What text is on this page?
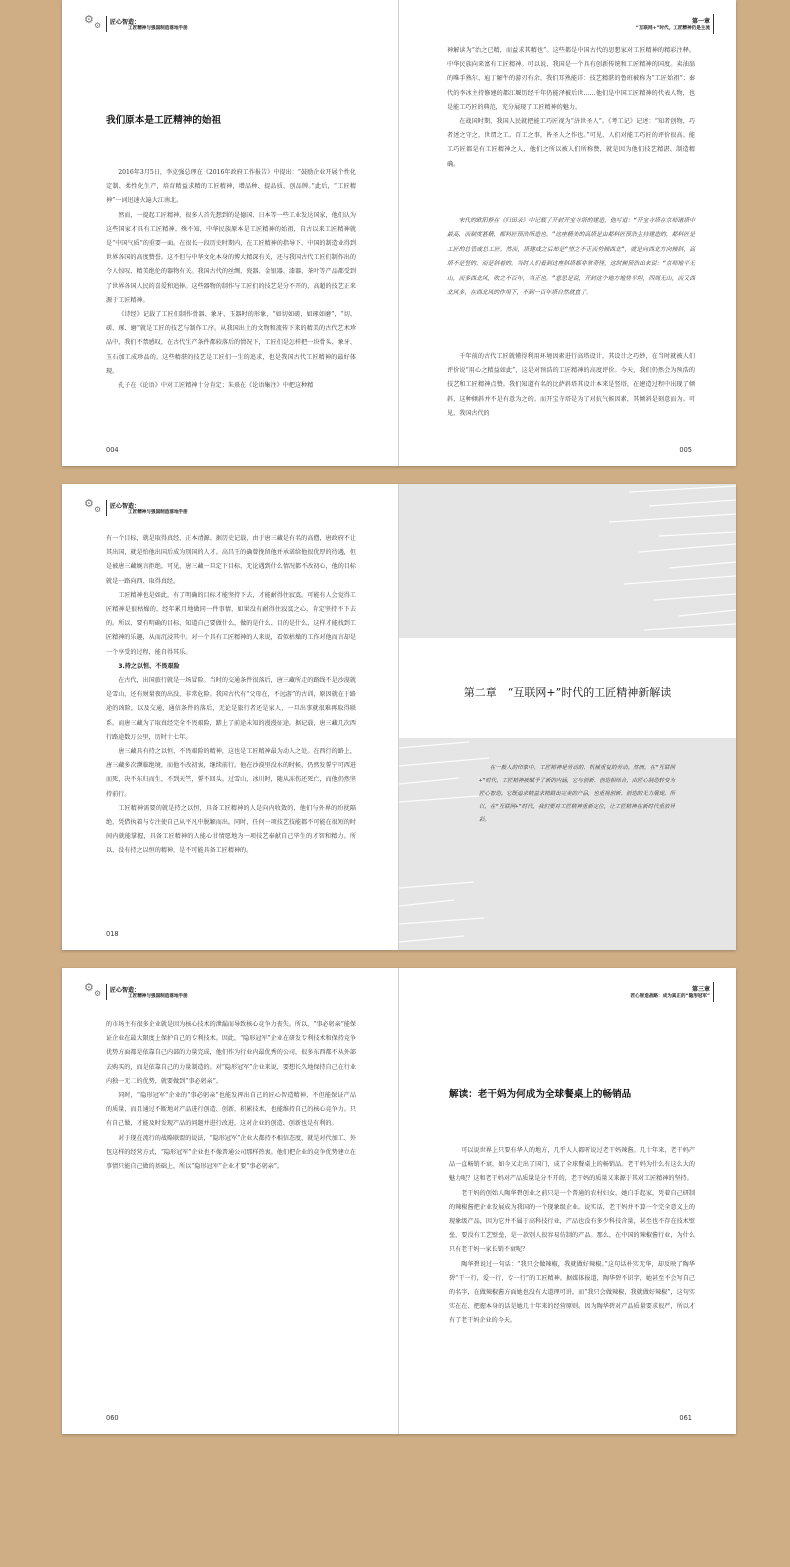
⚙ ⚙ 匠心智造：
工匠精神与强国制造落地手册
我们原本是工匠精神的始祖

2016年3月5日，李克强总理在《2016年政府工作报告》中提出：“鼓励企业开展个性化定制、柔性化生产，培育精益求精的工匠精神，增品种、提品质、创品牌。”此后，“工匠精神”一词迅速火遍大江南北。

然而，一提起工匠精神，很多人首先想到的是德国、日本等一些工业发达国家，他们认为这些国家才具有工匠精神。殊不知，中华民族原本是工匠精神的始祖，自古以来工匠精神就是“中国气质”的重要一面。在很长一段历史时期内，在工匠精神的指导下，中国的制造业得到世界各国的高度赞誉。这不但与中华文化本身的博大精深有关，还与我国古代工匠们制作出的令人惊叹、精美绝伦的器物有关。我国古代的丝绸、瓷器、金银器、漆器、茶叶等产品都受到了世界各国人民的喜爱和追捧。这些器物的制作与工匠们的技艺是分不开的，高超的技艺正来源于工匠精神。

《诗经》记载了工匠们制作骨器、象牙、玉器时的形象，“如切如磋，如琢如磨”，“切、磋、琢、磨”就是工匠的技艺与制作工序。从我国出土的文物和流传下来的精美的古代艺术珍品中，我们不禁感叹，在古代生产条件都较落后的情况下，工匠们是怎样把一块骨头、象牙、玉石加工成珍品的。这些精湛的技艺是工匠们一生的追求，也是我国古代工匠精神的最好体现。

孔子在《论语》中对工匠精神十分肯定；朱熹在《论语集注》中把这种精

004
第一章
“互联网+”时代，工匠精神仍是主流

神解读为“治之已精，而益求其精也”。这些都是中国古代的思想家对工匠精神的精彩注释。中华民族向来富有工匠精神。可以说，我国是一个具有创新传统和工匠精神的国度。卖油翁的唯手熟尔、庖丁解牛的游刃有余，我们耳熟能详：技艺精湛的鲁班被称为“工匠始祖”；秦代的李冰主持修建的都江堰历经千年仍能泽被后世……他们是中国工匠精神的代表人物，也是能工巧匠的典范，充分展现了工匠精神的魅力。

在战国时期，我国人民就把能工巧匠视为“济世圣人”。《考工记》记述：“知者创物，巧者述之守之，世谓之工。百工之事，皆圣人之作也。”可见，人们对能工巧匠的评价很高。能工巧匠都是有工匠精神之人，他们之所以被人们所称赞，就是因为他们技艺精湛、制造精确。

宋代的欧阳修在《归田录》中记载了开封开宝寺塔的建造，他写道：“开宝寺塔在京师诸塔中最高，而制度甚精，都料匠预浩所造也。”这座精美的高塔是由都料匠预浩主持建造的，都料匠是工匠的总管或总工匠。然而，塔建成之后却是“望之不正而势倾西北”，就是向西北方向倾斜，高塔不是竖的，而是斜着的。当时人们看到这座斜塔都非常奇怪，这时候预浩出来说：“京师地平无山，而多西北风，吹之不百年，当正也。”意思是说，开封这个地方地势平坦，四周无山，而又西北风多，在西北风的作用下，不到一百年塔自然就直了。

千年前的古代工匠就懂得利用环境因素进行高塔设计，其设计之巧妙，在当时就被人们评价说“用心之精益如此”，这是对预浩的工匠精神的高度评价。今天，我们仍然会为预浩的技艺和工匠精神点赞。我们知道有名的比萨斜塔其设计本来是竖塔，在建造过程中出现了倾斜，这种倾斜并不是有意为之的。而开宝寺塔是为了对抗气候因素，其倾斜是刻意而为。可见，我国古代的

005
⚙ ⚙ 匠心智造：
工匠精神与强国制造落地手册

有一个目标，就是取得真经、正本清源。据历史记载，由于唐三藏是有名的高僧，唐政府不让其出国，就是怕他出国后成为别国的人才。高昌王的确曾挽留他并承诺给他很优厚的待遇，但是被唐三藏婉言拒绝。可见，唐三藏一旦定下目标，无论遇到什么情况都不改初心，他的目标就是一路向西、取得真经。

工匠精神也是如此，有了明确的目标才能坚持下去，才能耐得住寂寞。可能有人会觉得工匠精神是很枯燥的，经年累月地做同一件事情，如果没有耐得住寂寞之心，肯定坚持不下去的。所以，要有明确的目标，知道自己要做什么、做的是什么、目的是什么，这样才能找到工匠精神的乐趣，从而沉浸其中。对一个具有工匠精神的人来说，看似枯燥的工作对他而言却是一个享受的过程，能自得其乐。

3.持之以恒、不畏艰险

在古代，出国旅行就是一场冒险。当时的交通条件很落后，唐三藏所走的路线不是沙漠就是雪山，还有财量夜的出没，非常危险。我国古代有“父母在，不远游”的古训，原因就在于路途的凶险，以及交通、通信条件的落后，无论是旅行者还是家人，一旦出事就很难再取得联系。而唐三藏为了取真经完全不畏艰险，踏上了前途未知的漫漫征途。据记载，唐三藏几次西行路途数万公里，历时十七年。

唐三藏具有持之以恒、不畏艰险的精神，这也是工匠精神最为动人之处。在西行的路上，唐三藏多次濒临绝境，而他不改初衷，继续前行。他在沙漠里没水的时候，仍然发誓宁可西进而死，决不东归而生，不到天竺，誓不回头。过雪山、冰川时，随从冻伤还死亡，而他仍然坚持前行。

工匠精神需要的就是持之以恒，具备工匠精神的人是向内收敛的，他们与外界的纷扰隔绝，凭借执着与专注使自己从平凡中脱颖而出。同时，任何一项技艺技能都不可能在很短的时间内就能掌握，具备工匠精神的人能心甘情愿地为一项技艺奉献自己毕生的才智和精力。所以，没有持之以恒的精神，是不可能具备工匠精神的。

018
第二章　“互联网+”时代的工匠精神新解读

在一般人的印象中，工匠精神是劳动的、机械重复的劳动。然而，在“互联网+”时代，工匠精神被赋予了新的内涵，它与创新、创造相结合，由匠心制造转变为匠心智造。它既追求精益求精做出完美的产品，也重视创新、创造的无力展现。所以，在“互联网+”时代，我们要对工匠精神重新定位，让工匠精神在新时代重放异彩。

⚙ ⚙ 匠心智造：
工匠精神与强国制造落地手册

的市场主有很多企业就是因为核心技术的泄漏而导致核心竞争力丧失。所以，“事必躬亲”能保证企业在最大限度上保护自己的专利技术。因此，“隐形冠军”企业在研发专利技术和保持竞争优势方面都是依靠自己内部的力量完成，他们作为行业内最优秀的公司，很多东西都不从外部去购买的，而是依靠自己的力量制造的。对“隐形冠军”企业来说，要想长久地保持自己在行业内独一无二的优势，就要做到“事必躬亲”。

同时，“隐形冠军”企业的“事必躬亲”也能发挥出自己的匠心智造精神，不但能保证产品的质量，而且通过不断地对产品进行创造、创新，积累技术，也能维持自己的核心竞争力。只有自己做，才能及时发现产品的问题并进行改进，这对企业的创造、创新也是有利的。

对于现在流行的战略联盟的说法，“隐形冠军”企业大都持不相信态度，就是对代加工、外包这样的经营方式，“隐形冠军”企业也不像普通公司那样热衷。他们把企业的竞争优势建立在事情只能自己做的基础上，所以“隐形冠军”企业才要“事必躬亲”。

060
第三章
匠心智造战略：成为真正的“隐形冠军”
解读：老干妈为何成为全球餐桌上的畅销品

可以说世界上只要有华人的地方，几乎人人都听说过老干妈辣酱。几十年来，老干妈产品一直畅销不衰，如今又走出了国门，成了全球餐桌上的畅销品。老干妈为什么有这么大的魅力呢？这和老干妈对产品质量是分不开的，老干妈的质量又来源于其对工匠精神的坚持。

老干妈的创始人陶华碧创业之前只是一个普通的农村妇女，她白手起家，凭着自己研制的辣椒酱把企业发展成为我国的一个现象级企业。说实话，老干妈并不算一个完全意义上的现象级产品，因为它并不属于高科技行业，产品也没有多少科技含量，甚至也不存在技术壁垒，要没有工艺壁垒，是一款别人很容易仿制的产品。那么，在中国的辣椒酱行业，为什么只有老干妈一家长销不衰呢？

陶华碧说过一句话：“我只会做辣椒，我就做好辣椒。”这句话朴实无华，却反映了陶华碧“干一行，爱一行，专一行”的工匠精神。据媒体报道，陶华碧不识字，她甚至不会写自己的名字，在做辣椒酱方面她也没有大道理可讲。而“我只会做辣椒，我就做好辣椒”，这句实实在在、把握本身的话是她几十年来的经营原则。因为陶华碧对产品质量要求很严，所以才有了老干妈企业的今天。

061
